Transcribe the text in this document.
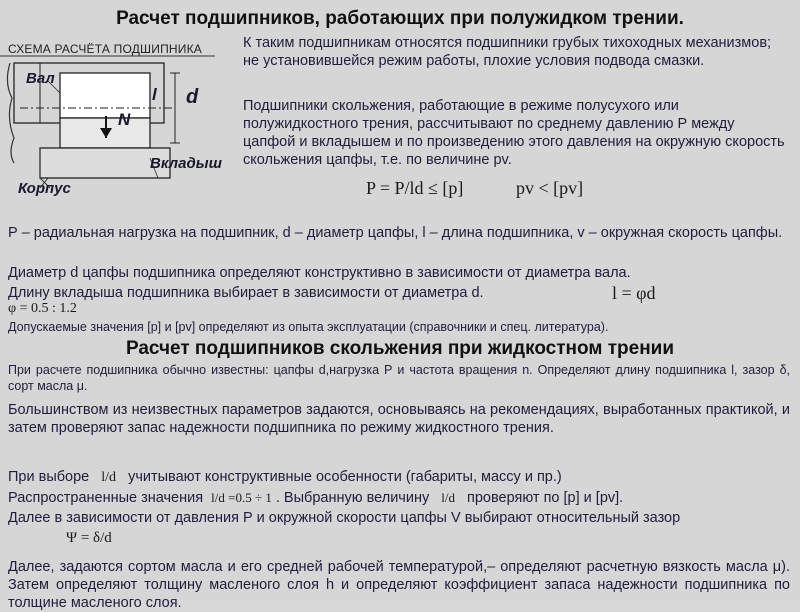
Расчет подшипников, работающих при полужидком трении.
СХЕМА РАСЧЁТА ПОДШИПНИКА
Вал
l d
N
Вкладыш
Корпус
К таким подшипникам относятся подшипники грубых тихоходных механизмов; не установившейся режим работы, плохие условия подвода смазки.
Подшипники скольжения, работающие в режиме полусухого или полужидкостного трения, рассчитывают по среднему давлению Р между цапфой и вкладышем и по произведению этого давления на окружную скорость скольжения цапфы, т.е. по величине pv.
P = P/ld ≤ [p]	pv < [pv]
Р – радиальная нагрузка на подшипник, d – диаметр цапфы, l – длина подшипника, v – окружная скорость цапфы.
Диаметр d цапфы подшипника определяют конструктивно в зависимости от диаметра вала.
Длину вкладыша подшипника выбирает в зависимости от диаметра d.	l = φd
φ = 0.5 : 1.2
Допускаемые значения [p] и [pv] определяют из опыта эксплуатации (справочники и спец. литература).
Расчет подшипников скольжения при жидкостном трении
При расчете подшипника обычно известны: цапфы d,нагрузка Р и частота вращения n. Определяют длину подшипника l, зазор δ, сорт масла μ.
Большинством из неизвестных параметров задаются, основываясь на рекомендациях, выработанных практикой, и затем проверяют запас надежности подшипника по режиму жидкостного трения.
При выборе l/d учитывают конструктивные особенности (габариты, массу и пр.)
Распространенные значения l/d =0.5 ÷ 1 . Выбранную величину l/d проверяют по [p] и [pv].
Далее в зависимости от давления Р и окружной скорости цапфы V выбирают относительный зазор
Ψ = δ/d
Далее, задаются сортом масла и его средней рабочей температурой,– определяют расчетную вязкость масла μ). Затем определяют толщину масленого слоя h и определяют коэффициент запаса надежности подшипника по толщине масленого слоя.
